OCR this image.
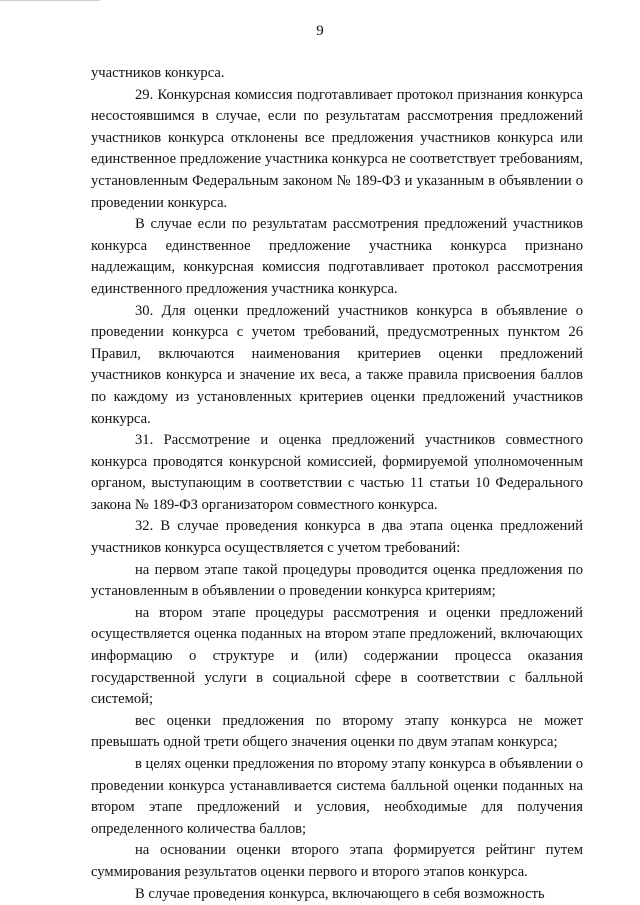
9

участников конкурса.

29. Конкурсная комиссия подготавливает протокол признания конкурса несостоявшимся в случае, если по результатам рассмотрения предложений участников конкурса отклонены все предложения участников конкурса или единственное предложение участника конкурса не соответствует требованиям, установленным Федеральным законом № 189-ФЗ и указанным в объявлении о проведении конкурса.

В случае если по результатам рассмотрения предложений участников конкурса единственное предложение участника конкурса признано надлежащим, конкурсная комиссия подготавливает протокол рассмотрения единственного предложения участника конкурса.

30. Для оценки предложений участников конкурса в объявление о проведении конкурса с учетом требований, предусмотренных пунктом 26 Правил, включаются наименования критериев оценки предложений участников конкурса и значение их веса, а также правила присвоения баллов по каждому из установленных критериев оценки предложений участников конкурса.

31. Рассмотрение и оценка предложений участников совместного конкурса проводятся конкурсной комиссией, формируемой уполномоченным органом, выступающим в соответствии с частью 11 статьи 10 Федерального закона № 189-ФЗ организатором совместного конкурса.

32. В случае проведения конкурса в два этапа оценка предложений участников конкурса осуществляется с учетом требований:

на первом этапе такой процедуры проводится оценка предложения по установленным в объявлении о проведении конкурса критериям;

на втором этапе процедуры рассмотрения и оценки предложений осуществляется оценка поданных на втором этапе предложений, включающих информацию о структуре и (или) содержании процесса оказания государственной услуги в социальной сфере в соответствии с балльной системой;

вес оценки предложения по второму этапу конкурса не может превышать одной трети общего значения оценки по двум этапам конкурса;

в целях оценки предложения по второму этапу конкурса в объявлении о проведении конкурса устанавливается система балльной оценки поданных на втором этапе предложений и условия, необходимые для получения определенного количества баллов;

на основании оценки второго этапа формируется рейтинг путем суммирования результатов оценки первого и второго этапов конкурса.

В случае проведения конкурса, включающего в себя возможность
